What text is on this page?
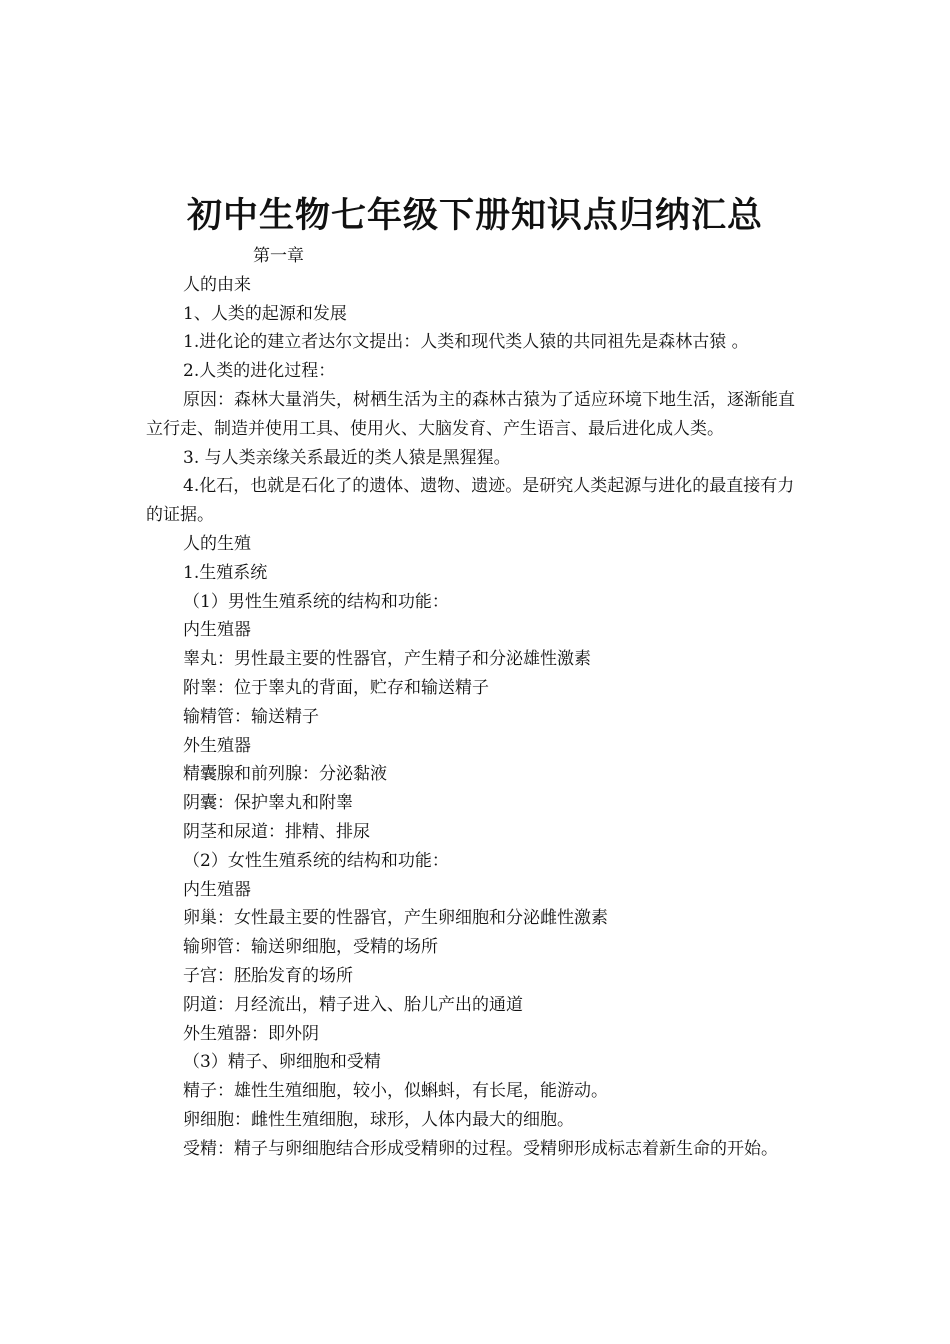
初中生物七年级下册知识点归纳汇总

第一章

人的由来

1、人类的起源和发展

1.进化论的建立者达尔文提出：人类和现代类人猿的共同祖先是森林古猿 。

2.人类的进化过程：

原因：森林大量消失，树栖生活为主的森林古猿为了适应环境下地生活，逐渐能直立行走、制造并使用工具、使用火、大脑发育、产生语言、最后进化成人类。

3. 与人类亲缘关系最近的类人猿是黑猩猩。

4.化石，也就是石化了的遗体、遗物、遗迹。是研究人类起源与进化的最直接有力的证据。

人的生殖

1.生殖系统

（1）男性生殖系统的结构和功能：

内生殖器

睾丸：男性最主要的性器官，产生精子和分泌雄性激素

附睾：位于睾丸的背面，贮存和输送精子

输精管：输送精子

外生殖器

精囊腺和前列腺：分泌黏液

阴囊：保护睾丸和附睾

阴茎和尿道：排精、排尿

（2）女性生殖系统的结构和功能：

内生殖器

卵巢：女性最主要的性器官，产生卵细胞和分泌雌性激素

输卵管：输送卵细胞，受精的场所

子宫：胚胎发育的场所

阴道：月经流出，精子进入、胎儿产出的通道

外生殖器：即外阴

（3）精子、卵细胞和受精

精子：雄性生殖细胞，较小，似蝌蚪，有长尾，能游动。

卵细胞：雌性生殖细胞，球形，人体内最大的细胞。

受精：精子与卵细胞结合形成受精卵的过程。受精卵形成标志着新生命的开始。
